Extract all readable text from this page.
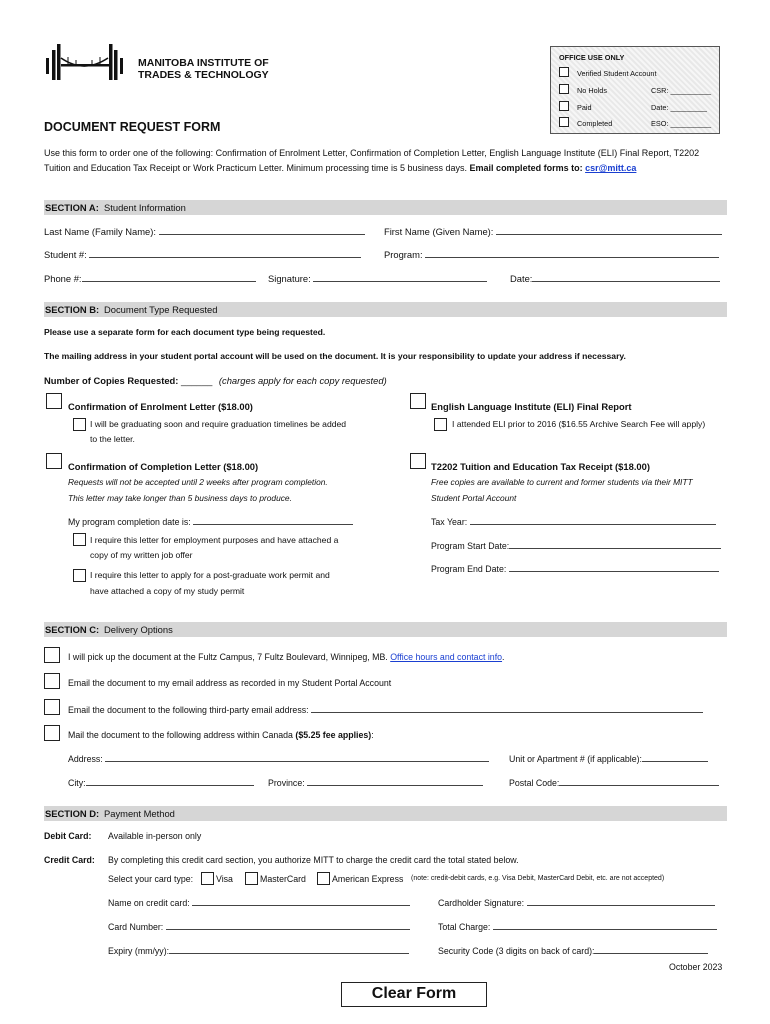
MANITOBA INSTITUTE OF
TRADES & TECHNOLOGY
OFFICE USE ONLY
Verified Student Account
No Holds	CSR: __________
Paid	Date: _________
Completed	ESO: __________
DOCUMENT REQUEST FORM
Use this form to order one of the following: Confirmation of Enrolment Letter, Confirmation of Completion Letter, English Language Institute (ELI) Final Report, T2202
Tuition and Education Tax Receipt or Work Practicum Letter. Minimum processing time is 5 business days. Email completed forms to: csr@mitt.ca
SECTION A: Student Information
Last Name (Family Name):	First Name (Given Name):
Student #:	Program:
Phone #:	Signature:	Date:
SECTION B: Document Type Requested
Please use a separate form for each document type being requested.
The mailing address in your student portal account will be used on the document. It is your responsibility to update your address if necessary.
Number of Copies Requested: ______ (charges apply for each copy requested)
Confirmation of Enrolment Letter ($18.00)
I will be graduating soon and require graduation timelines be added
to the letter.
English Language Institute (ELI) Final Report
I attended ELI prior to 2016 ($16.55 Archive Search Fee will apply)
Confirmation of Completion Letter ($18.00)
Requests will not be accepted until 2 weeks after program completion.
This letter may take longer than 5 business days to produce.
My program completion date is:
I require this letter for employment purposes and have attached a
copy of my written job offer
I require this letter to apply for a post-graduate work permit and
have attached a copy of my study permit
T2202 Tuition and Education Tax Receipt ($18.00)
Free copies are available to current and former students via their MITT
Student Portal Account
Tax Year:
Program Start Date:
Program End Date:
SECTION C: Delivery Options
I will pick up the document at the Fultz Campus, 7 Fultz Boulevard, Winnipeg, MB. Office hours and contact info.
Email the document to my email address as recorded in my Student Portal Account
Email the document to the following third-party email address:
Mail the document to the following address within Canada ($5.25 fee applies):
Address:	Unit or Apartment # (if applicable):
City:	Province:	Postal Code:
SECTION D: Payment Method
Debit Card: Available in-person only
Credit Card: By completing this credit card section, you authorize MITT to charge the credit card the total stated below.
Select your card type:	Visa	MasterCard	American Express (note: credit-debit cards, e.g. Visa Debit, MasterCard Debit, etc. are not accepted)
Name on credit card:	Cardholder Signature:
Card Number:	Total Charge:
Expiry (mm/yy):	Security Code (3 digits on back of card):
October 2023
Clear Form
